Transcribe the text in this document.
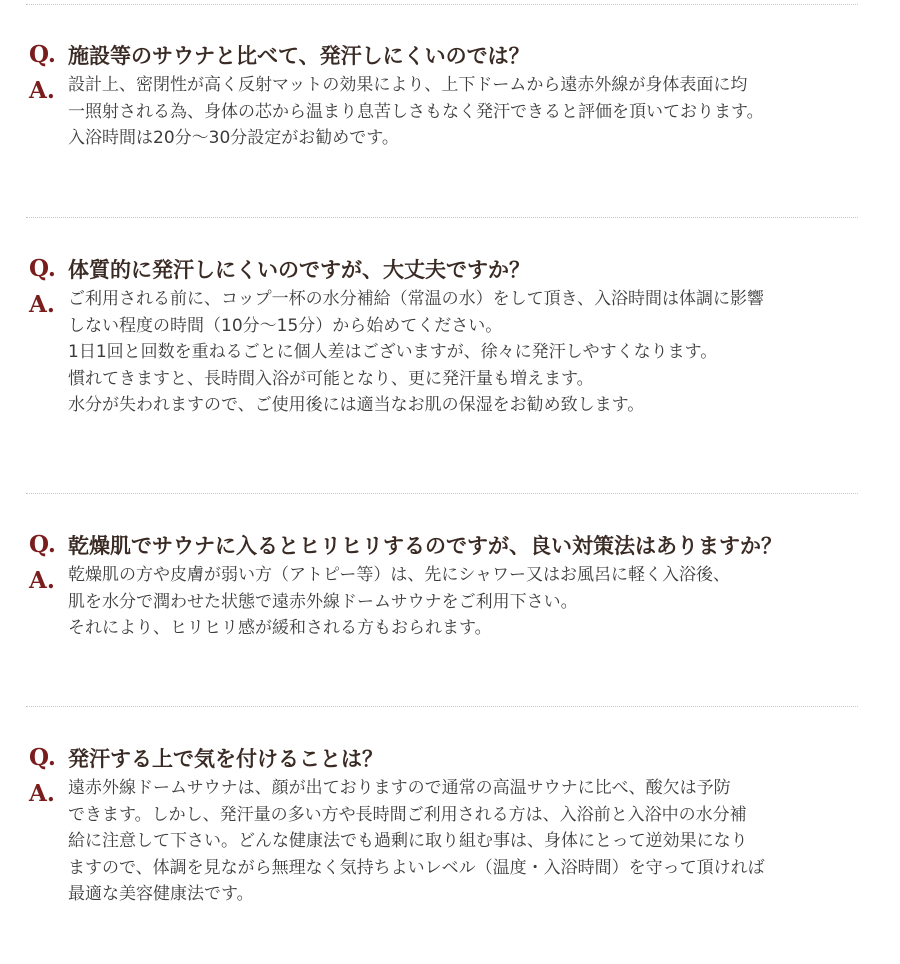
Q. 施設等のサウナと比べて、発汗しにくいのでは？
A. 設計上、密閉性が高く反射マットの効果により、上下ドームから遠赤外線が身体表面に均
一照射される為、身体の芯から温まり息苦しさもなく発汗できると評価を頂いております。
入浴時間は20分～30分設定がお勧めです。
Q. 体質的に発汗しにくいのですが、大丈夫ですか？
A. ご利用される前に、コップ一杯の水分補給（常温の水）をして頂き、入浴時間は体調に影響
しない程度の時間（10分～15分）から始めてください。
1日1回と回数を重ねるごとに個人差はございますが、徐々に発汗しやすくなります。
慣れてきますと、長時間入浴が可能となり、更に発汗量も増えます。
水分が失われますので、ご使用後には適当なお肌の保湿をお勧め致します。
Q. 乾燥肌でサウナに入るとヒリヒリするのですが、良い対策法はありますか？
A. 乾燥肌の方や皮膚が弱い方（アトピー等）は、先にシャワー又はお風呂に軽く入浴後、
肌を水分で潤わせた状態で遠赤外線ドームサウナをご利用下さい。
それにより、ヒリヒリ感が緩和される方もおられます。
Q. 発汗する上で気を付けることは？
A. 遠赤外線ドームサウナは、顔が出ておりますので通常の高温サウナに比べ、酸欠は予防
できます。しかし、発汗量の多い方や長時間ご利用される方は、入浴前と入浴中の水分補
給に注意して下さい。どんな健康法でも過剰に取り組む事は、身体にとって逆効果になり
ますので、体調を見ながら無理なく気持ちよいレベル（温度・入浴時間）を守って頂ければ
最適な美容健康法です。
